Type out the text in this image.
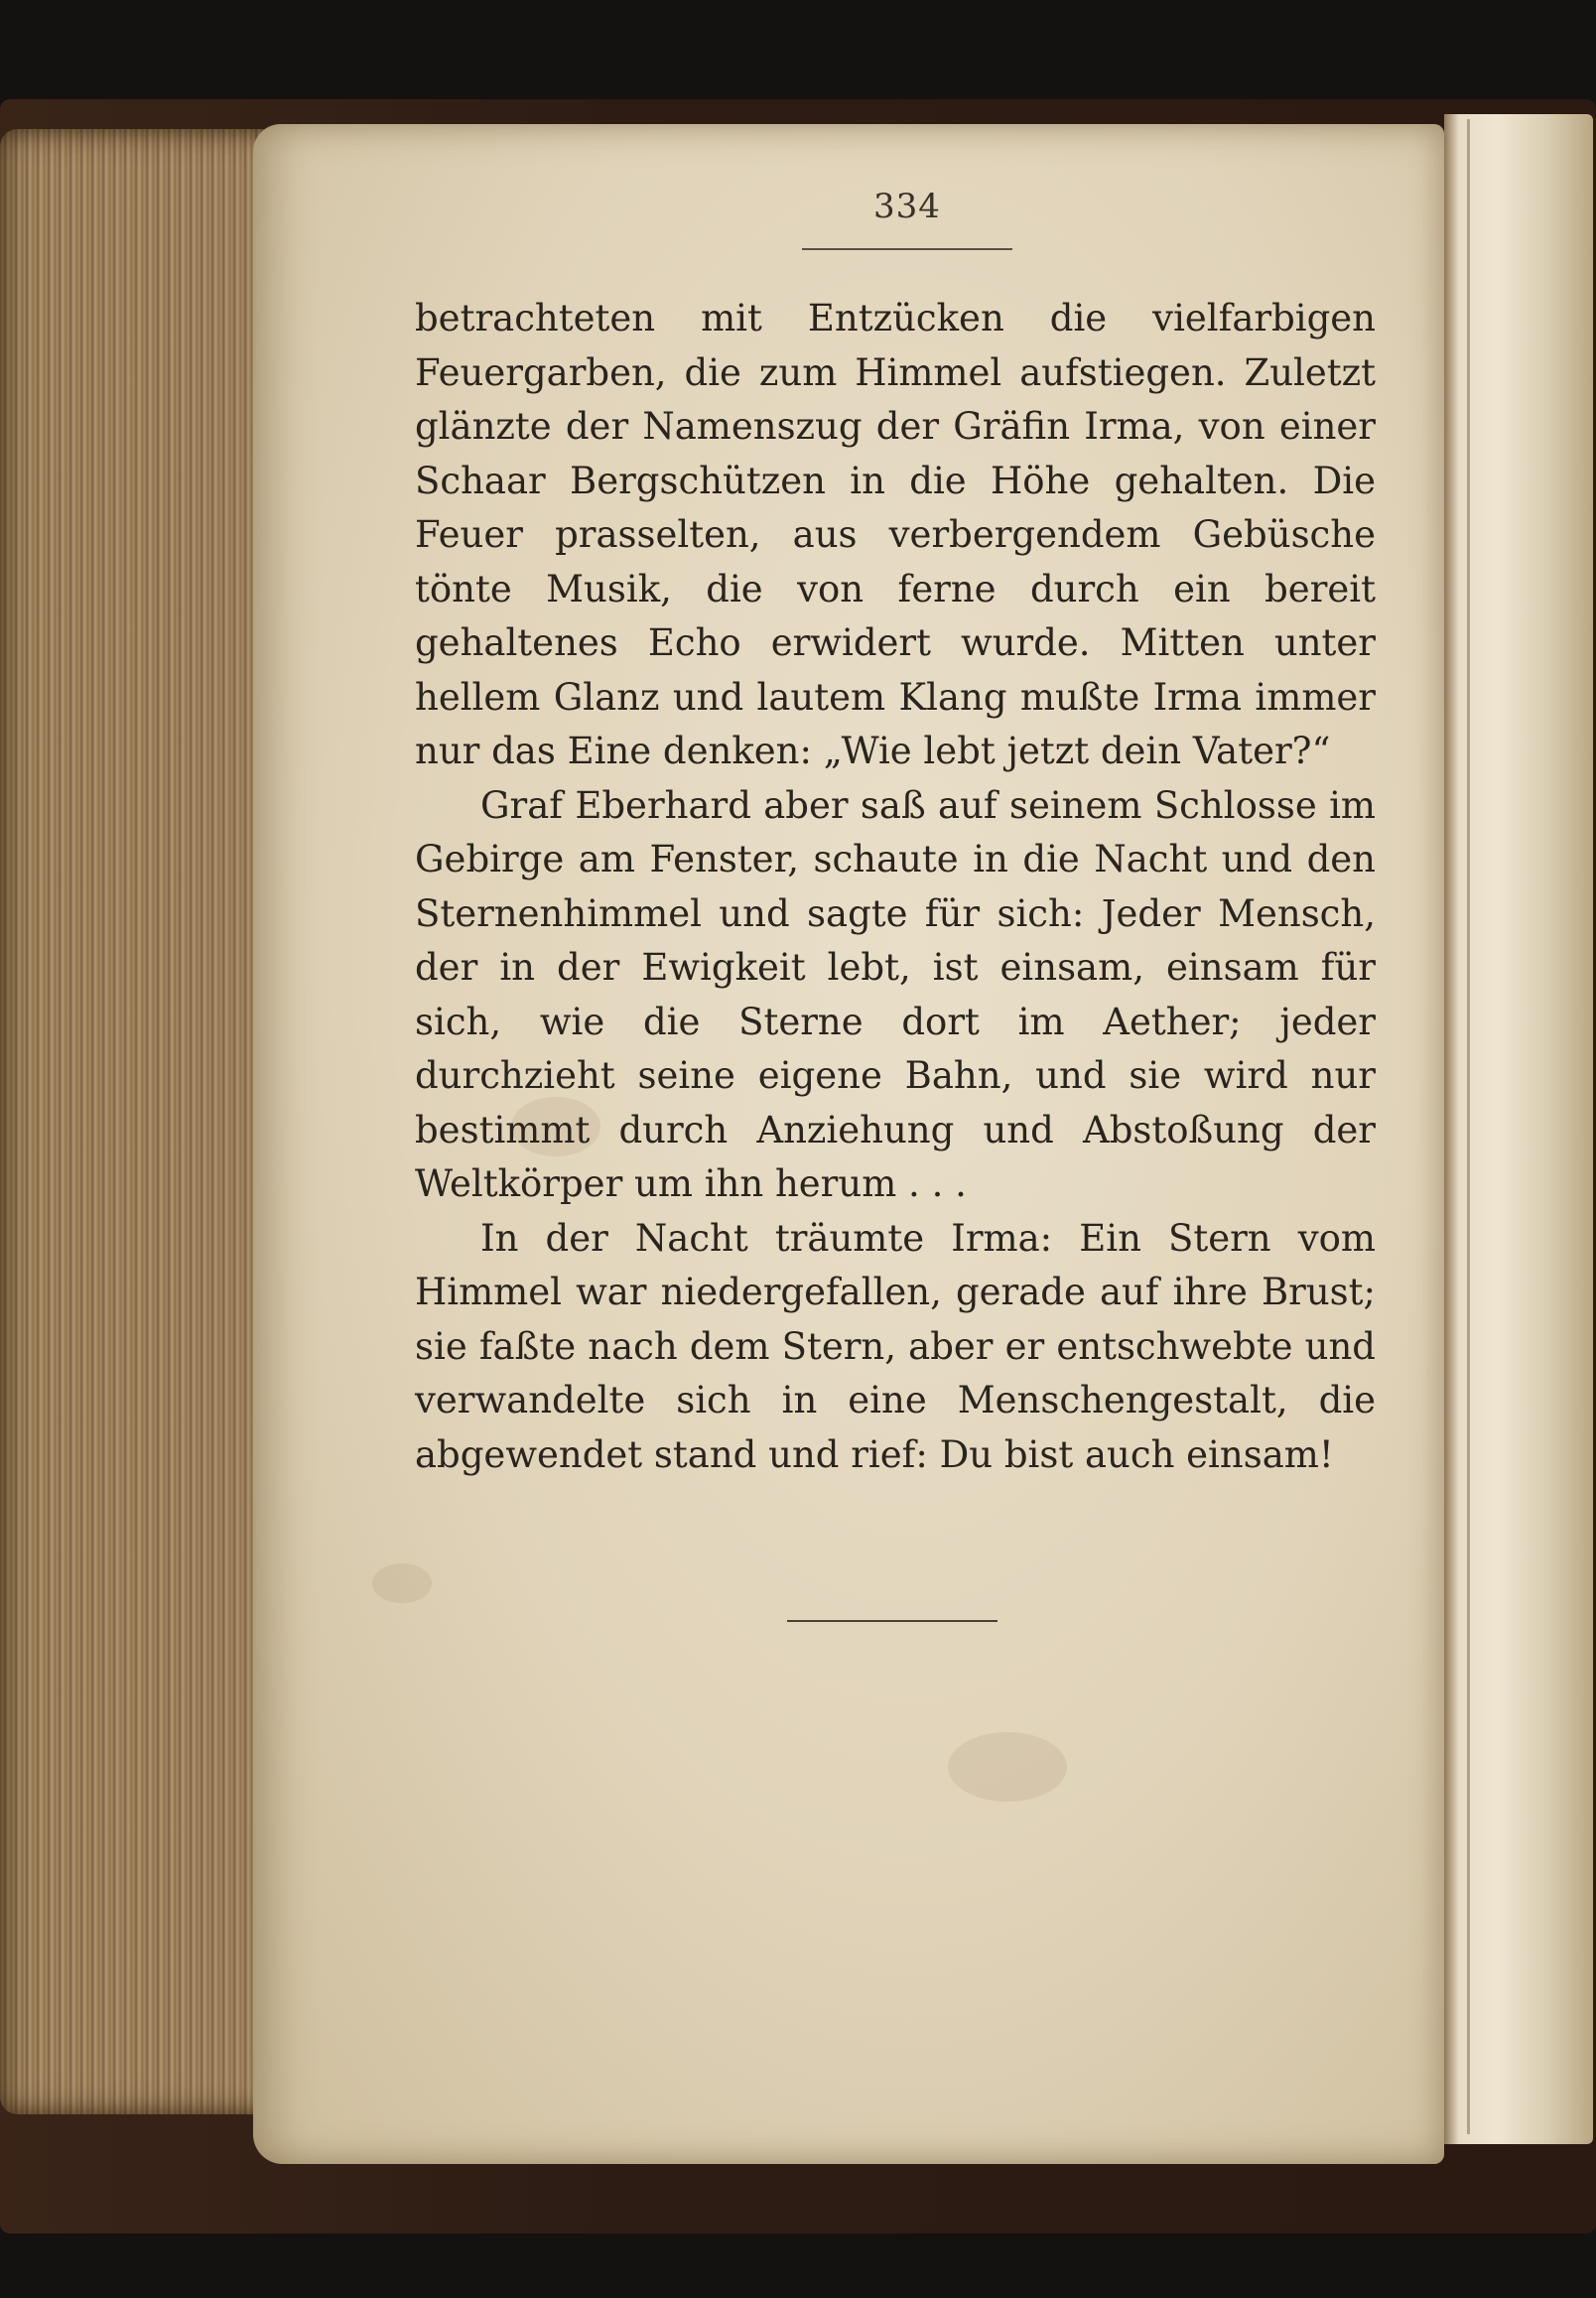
334

betrachteten mit Entzücken die vielfarbigen Feuergarben, die zum Himmel aufstiegen. Zuletzt glänzte der Namenszug der Gräfin Irma, von einer Schaar Bergschützen in die Höhe gehalten. Die Feuer prasselten, aus verbergendem Gebüsche tönte Musik, die von ferne durch ein bereit gehaltenes Echo erwidert wurde. Mitten unter hellem Glanz und lautem Klang mußte Irma immer nur das Eine denken: „Wie lebt jetzt dein Vater?“

Graf Eberhard aber saß auf seinem Schlosse im Gebirge am Fenster, schaute in die Nacht und den Sternenhimmel und sagte für sich: Jeder Mensch, der in der Ewigkeit lebt, ist einsam, einsam für sich, wie die Sterne dort im Aether; jeder durchzieht seine eigene Bahn, und sie wird nur bestimmt durch Anziehung und Abstoßung der Weltkörper um ihn herum . . .

In der Nacht träumte Irma: Ein Stern vom Himmel war niedergefallen, gerade auf ihre Brust; sie faßte nach dem Stern, aber er entschwebte und verwandelte sich in eine Menschengestalt, die abgewendet stand und rief: Du bist auch einsam!
